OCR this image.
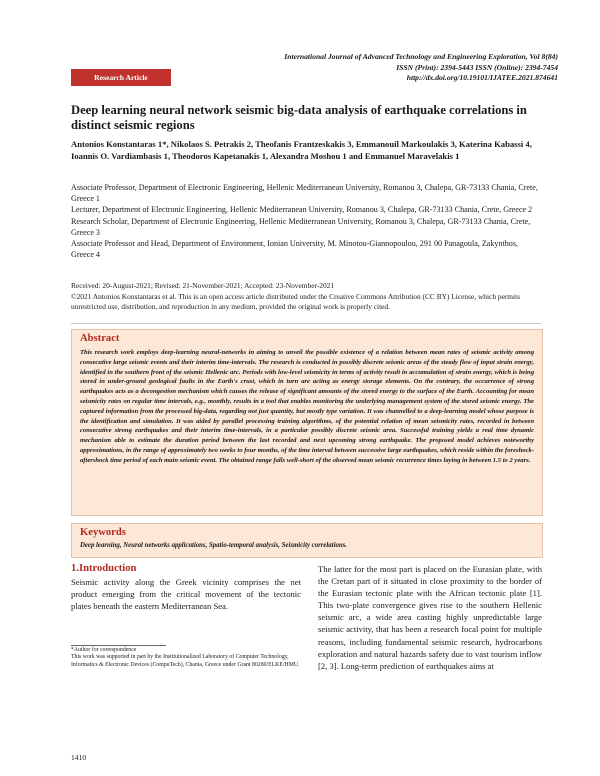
International Journal of Advanced Technology and Engineering Exploration, Vol 8(84)
ISSN (Print): 2394-5443 ISSN (Online): 2394-7454
http://dx.doi.org/10.19101/IJATEE.2021.874641
Research Article
Deep learning neural network seismic big-data analysis of earthquake correlations in distinct seismic regions

Antonios Konstantaras 1*, Nikolaos S. Petrakis 2, Theofanis Frantzeskakis 3, Emmanouil Markoulakis 3, Katerina Kabassi 4, Ioannis O. Vardiambasis 1, Theodoros Kapetanakis 1, Alexandra Moshou 1 and Emmanuel Maravelakis 1

Associate Professor, Department of Electronic Engineering, Hellenic Mediterranean University, Romanou 3, Chalepa, GR-73133 Chania, Crete, Greece 1

Lecturer, Department of Electronic Engineering, Hellenic Mediterranean University, Romanou 3, Chalepa, GR-73133 Chania, Crete, Greece 2

Research Scholar, Department of Electronic Engineering, Hellenic Mediterranean University, Romanou 3, Chalepa, GR-73133 Chania, Crete, Greece 3

Associate Professor and Head, Department of Environment, Ionian University, M. Minotou-Giannopoulou, 291 00 Panagoula, Zakynthos, Greece 4

Received: 20-August-2021; Revised: 21-November-2021; Accepted: 23-November-2021

©2021 Antonios Konstantaras et al. This is an open access article distributed under the Creative Commons Attribution (CC BY) License, which permits unrestricted use, distribution, and reproduction in any medium, provided the original work is properly cited.

Abstract

This research work employs deep-learning neural-networks in aiming to unveil the possible existence of a relation between mean rates of seismic activity among consecutive large seismic events and their interim time-intervals. The research is conducted in possibly discrete seismic areas of the steady flow of input strain energy, identified in the southern front of the seismic Hellenic arc. Periods with low-level seismicity in terms of activity result in accumulation of strain energy, which is being stored in under-ground geological faults in the Earth's crust, which in turn are acting as energy storage elements. On the contrary, the occurrence of strong earthquakes acts as a decongestion mechanism which causes the release of significant amounts of the stored energy to the surface of the Earth. Accounting for mean seismicity rates on regular time intervals, e.g., monthly, results in a tool that enables monitoring the underlying management system of the stored seismic energy. The captured information from the processed big-data, regarding not just quantity, but mostly type variation. It was channelled to a deep-learning model whose purpose is the identification and simulation. It was aided by parallel processing training algorithms, of the potential relation of mean seismicity rates, recorded in between consecutive strong earthquakes and their interim time-intervals, in a particular possibly discrete seismic area. Successful training yields a real time dynamic mechanism able to estimate the duration period between the last recorded and next upcoming strong earthquake. The proposed model achieves noteworthy approximations, in the range of approximately two weeks to four months, of the time interval between successive large earthquakes, which reside within the foreshock-aftershock time period of each main seismic event. The obtained range falls well-short of the observed mean seismic recurrence times laying in between 1.5 to 2 years.

Keywords

Deep learning, Neural networks applications, Spatio-temporal analysis, Seismicity correlations.

1.Introduction

Seismic activity along the Greek vicinity comprises the net product emerging from the critical movement of the tectonic plates beneath the eastern Mediterranean Sea.

The latter for the most part is placed on the Eurasian plate, with the Cretan part of it situated in close proximity to the border of the Eurasian tectonic plate with the African tectonic plate [1]. This two-plate convergence gives rise to the southern Hellenic seismic arc, a wide area casting highly unpredictable large seismic activity, that has been a research focal point for multiple reasons, including fundamental seismic research, hydrocarbons exploration and natural hazards safety due to vast tourism inflow [2, 3]. Long-term prediction of earthquakes aims at

*Author for correspondence

This work was supported in part by the Institutionalized Laboratory of Computer Technology, Informatics & Electronic Devices (CompuTech), Chania, Greece under Grant 80280/ELKE/HMU.

1410
